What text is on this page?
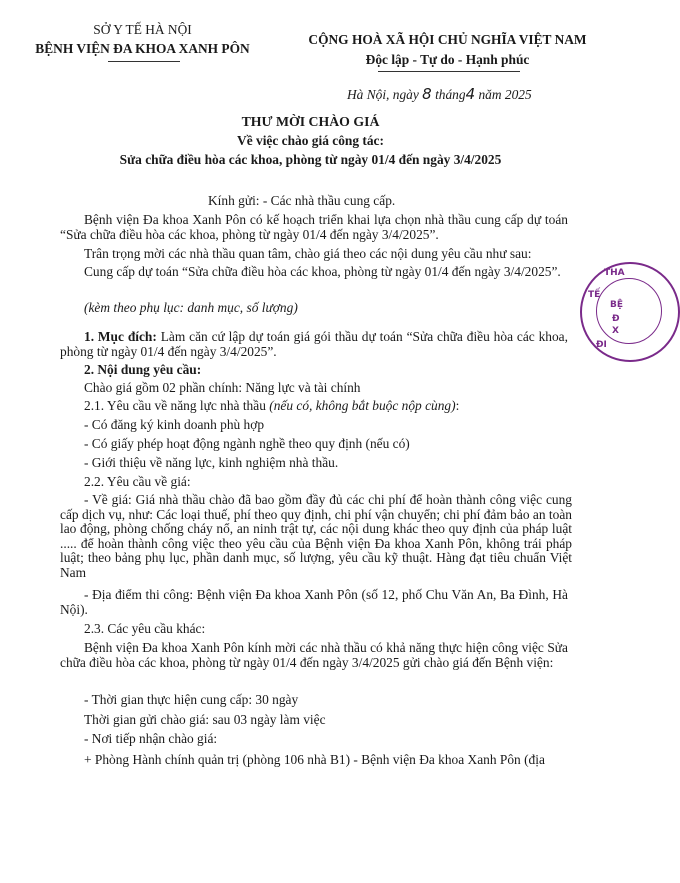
SỞ Y TẾ HÀ NỘI
BỆNH VIỆN ĐA KHOA XANH PÔN
CỘNG HOÀ XÃ HỘI CHỦ NGHĨA VIỆT NAM
Độc lập - Tự do - Hạnh phúc
Hà Nội, ngày 8 tháng4 năm 2025
THƯ MỜI CHÀO GIÁ
Về việc chào giá công tác:
Sửa chữa điều hòa các khoa, phòng từ ngày 01/4 đến ngày 3/4/2025
Kính gửi: - Các nhà thầu cung cấp.
Bệnh viện Đa khoa Xanh Pôn có kế hoạch triển khai lựa chọn nhà thầu cung cấp dự toán “Sửa chữa điều hòa các khoa, phòng từ ngày 01/4 đến ngày 3/4/2025”.
Trân trọng mời các nhà thầu quan tâm, chào giá theo các nội dung yêu cầu như sau:
Cung cấp dự toán “Sửa chữa điều hòa các khoa, phòng từ ngày 01/4 đến ngày 3/4/2025”.
(kèm theo phụ lục: danh mục, số lượng)
1. Mục đích: Làm căn cứ lập dự toán giá gói thầu dự toán “Sửa chữa điều hòa các khoa, phòng từ ngày 01/4 đến ngày 3/4/2025”.
2. Nội dung yêu cầu:
Chào giá gồm 02 phần chính: Năng lực và tài chính
2.1. Yêu cầu về năng lực nhà thầu (nếu có, không bắt buộc nộp cùng):
- Có đăng ký kinh doanh phù hợp
- Có giấy phép hoạt động ngành nghề theo quy định (nếu có)
- Giới thiệu về năng lực, kinh nghiệm nhà thầu.
2.2. Yêu cầu về giá:
- Về giá: Giá nhà thầu chào đã bao gồm đầy đủ các chi phí để hoàn thành công việc cung cấp dịch vụ, như: Các loại thuế, phí theo quy định, chi phí vận chuyển; chi phí đảm bảo an toàn lao động, phòng chống cháy nổ, an ninh trật tự, các nội dung khác theo quy định của pháp luật ..... để hoàn thành công việc theo yêu cầu của Bệnh viện Đa khoa Xanh Pôn, không trái pháp luật; theo bảng phụ lục, phần danh mục, số lượng, yêu cầu kỹ thuật. Hàng đạt tiêu chuẩn Việt Nam
- Địa điểm thi công: Bệnh viện Đa khoa Xanh Pôn (số 12, phố Chu Văn An, Ba Đình, Hà Nội).
2.3. Các yêu cầu khác:
Bệnh viện Đa khoa Xanh Pôn kính mời các nhà thầu có khả năng thực hiện công việc Sửa chữa điều hòa các khoa, phòng từ ngày 01/4 đến ngày 3/4/2025 gửi chào giá đến Bệnh viện:
- Thời gian thực hiện cung cấp: 30 ngày
Thời gian gửi chào giá: sau 03 ngày làm việc
- Nơi tiếp nhận chào giá:
+ Phòng Hành chính quản trị (phòng 106 nhà B1) - Bệnh viện Đa khoa Xanh Pôn (địa
THA
TẾ
BỆ
Đ
X
ĐI
